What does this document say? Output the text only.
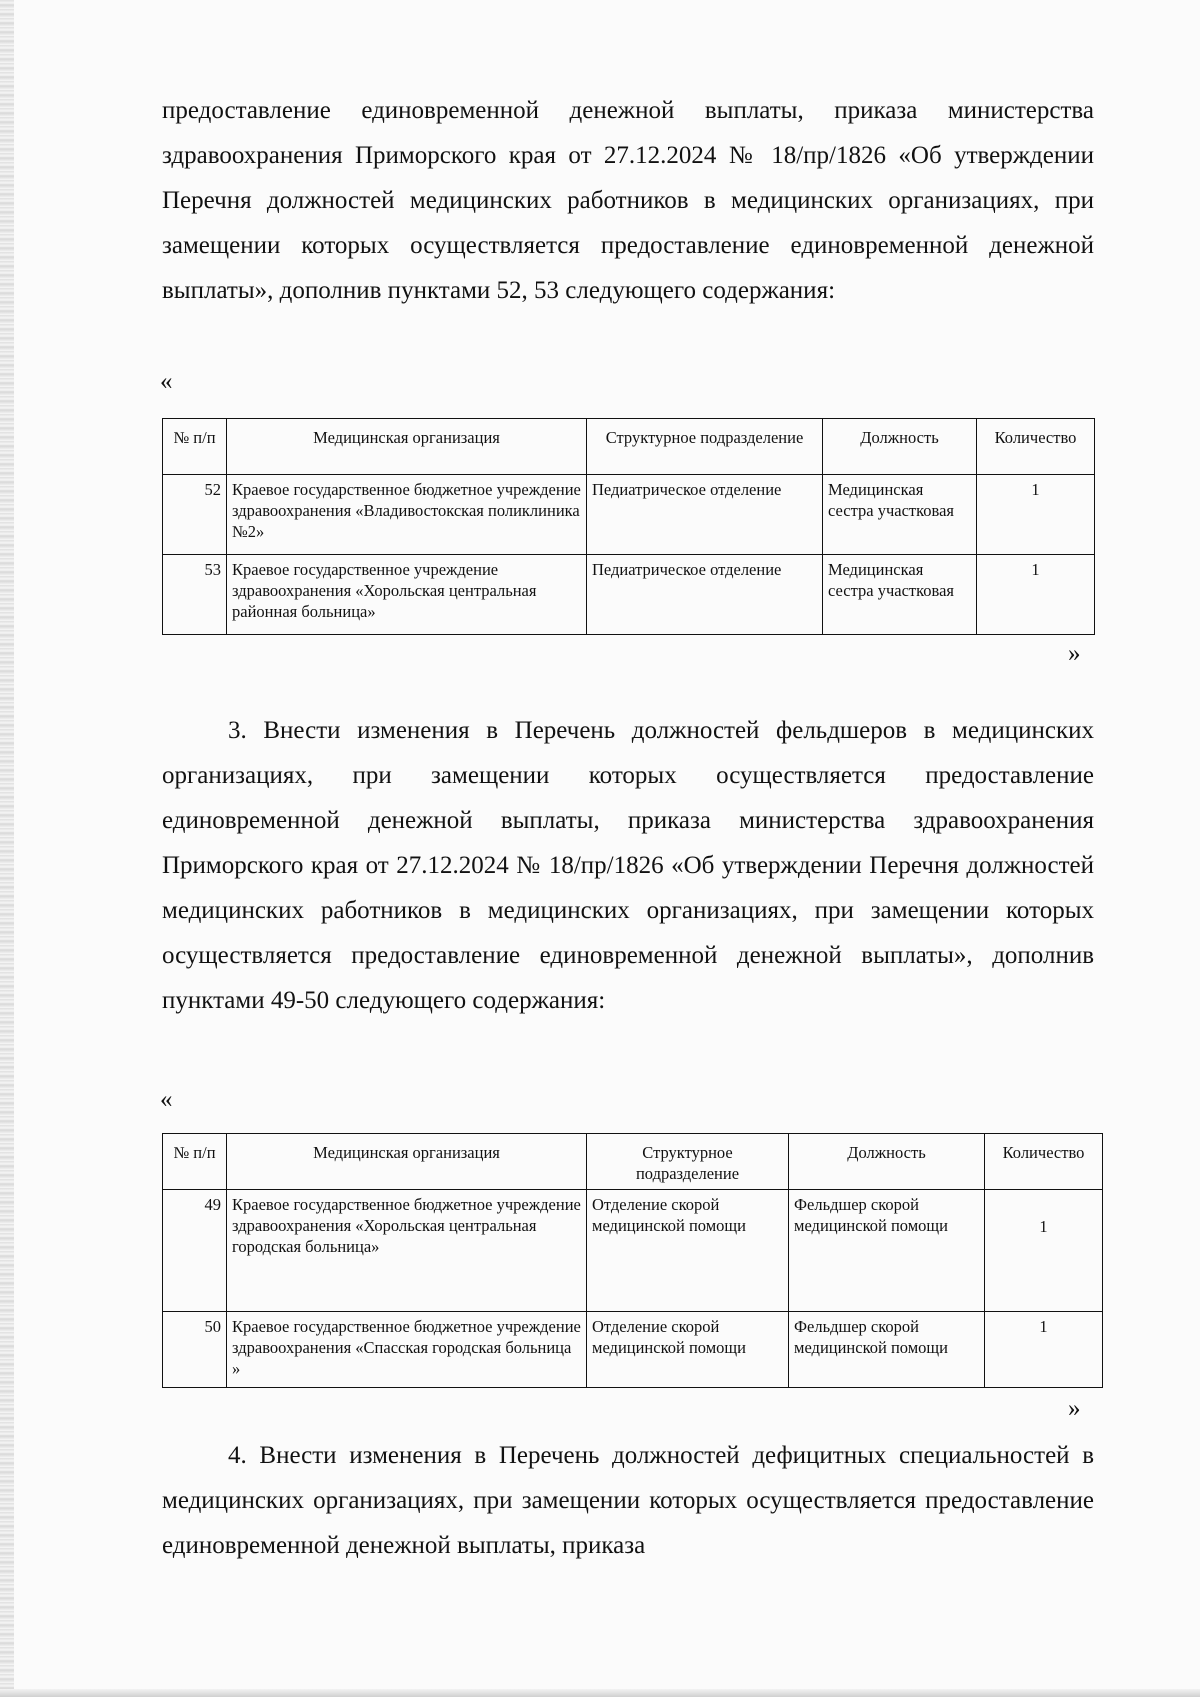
предоставление единовременной денежной выплаты, приказа министерства здравоохранения Приморского края от 27.12.2024 № 18/пр/1826 «Об утверждении Перечня должностей медицинских работников в медицинских организациях, при замещении которых осуществляется предоставление единовременной денежной выплаты», дополнив пунктами 52, 53 следующего содержания:

«
№ п/п	Медицинская организация	Структурное подразделение	Должность	Количество
52	Краевое государственное бюджетное учреждение здравоохранения «Владивостокская поликлиника №2»	Педиатрическое отделение	Медицинская сестра участковая	1
53	Краевое государственное учреждение здравоохранения «Хорольская центральная районная больница»	Педиатрическое отделение	Медицинская сестра участковая	1
»

3. Внести изменения в Перечень должностей фельдшеров в медицинских организациях, при замещении которых осуществляется предоставление единовременной денежной выплаты, приказа министерства здравоохранения Приморского края от 27.12.2024 № 18/пр/1826 «Об утверждении Перечня должностей медицинских работников в медицинских организациях, при замещении которых осуществляется предоставление единовременной денежной выплаты», дополнив пунктами 49-50 следующего содержания:

«
№ п/п	Медицинская организация	Структурное подразделение	Должность	Количество
49	Краевое государственное бюджетное учреждение здравоохранения «Хорольская центральная городская больница»	Отделение скорой медицинской помощи	Фельдшер скорой медицинской помощи	1
50	Краевое государственное бюджетное учреждение здравоохранения «Спасская городская больница »	Отделение скорой медицинской помощи	Фельдшер скорой медицинской помощи	1
»

4. Внести изменения в Перечень должностей дефицитных специальностей в медицинских организациях, при замещении которых осуществляется предоставление единовременной денежной выплаты, приказа
